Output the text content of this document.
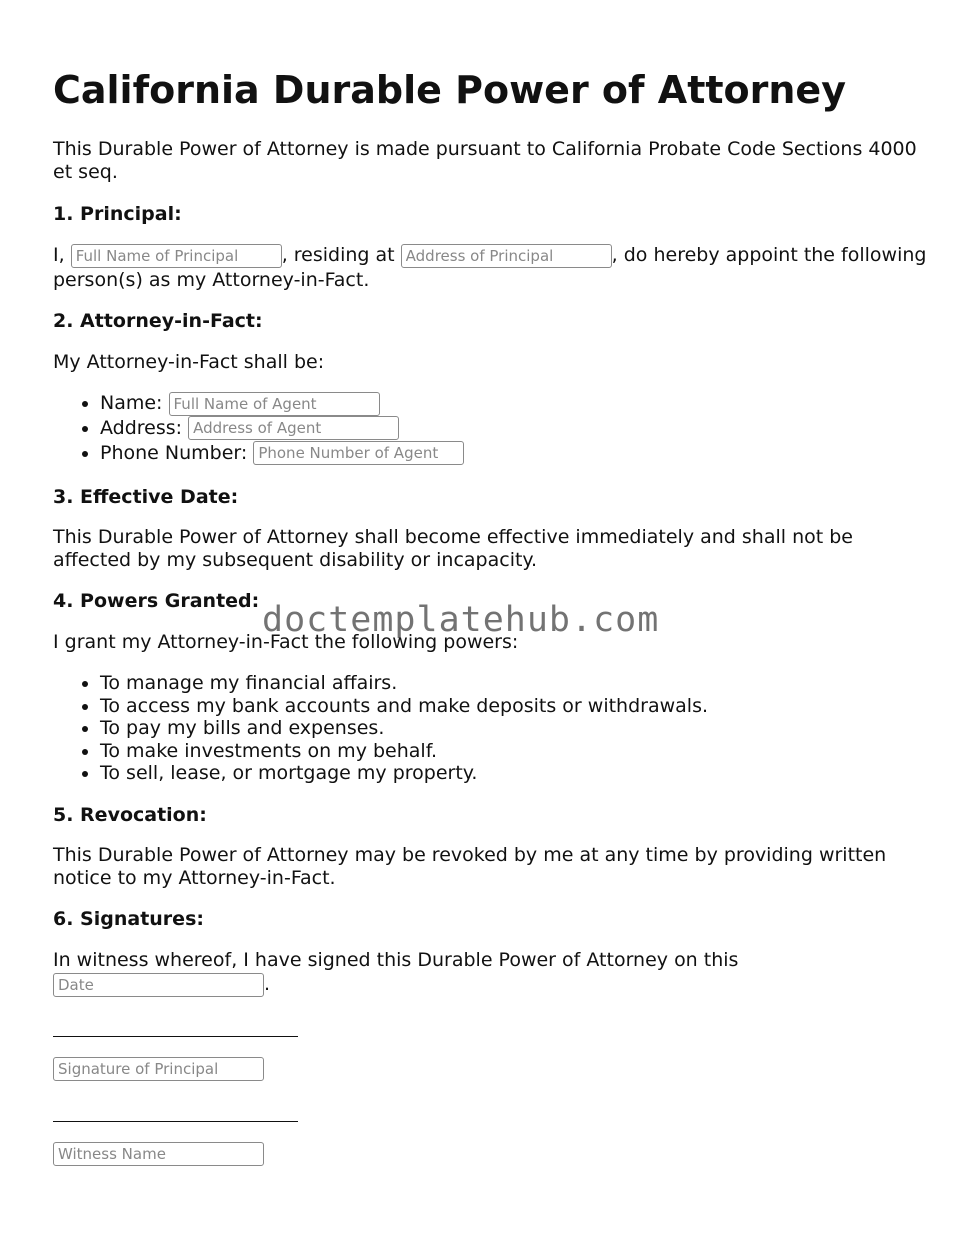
California Durable Power of Attorney

This Durable Power of Attorney is made pursuant to California Probate Code Sections 4000 et seq.

1. Principal:

I, Full Name of Principal	, residing at Address of Principal	, do hereby appoint the following person(s) as my Attorney-in-Fact.

2. Attorney-in-Fact:

My Attorney-in-Fact shall be:

• Name: Full Name of Agent
• Address: Address of Agent
• Phone Number: Phone Number of Agent

3. Effective Date:

This Durable Power of Attorney shall become effective immediately and shall not be affected by my subsequent disability or incapacity.

4. Powers Granted:

I grant my Attorney-in-Fact the following powers:

• To manage my financial affairs.
• To access my bank accounts and make deposits or withdrawals.
• To pay my bills and expenses.
• To make investments on my behalf.
• To sell, lease, or mortgage my property.

5. Revocation:

This Durable Power of Attorney may be revoked by me at any time by providing written notice to my Attorney-in-Fact.

6. Signatures:

In witness whereof, I have signed this Durable Power of Attorney on this

Date.
Signature of Principal
Witness Name
doctemplatehub.com
